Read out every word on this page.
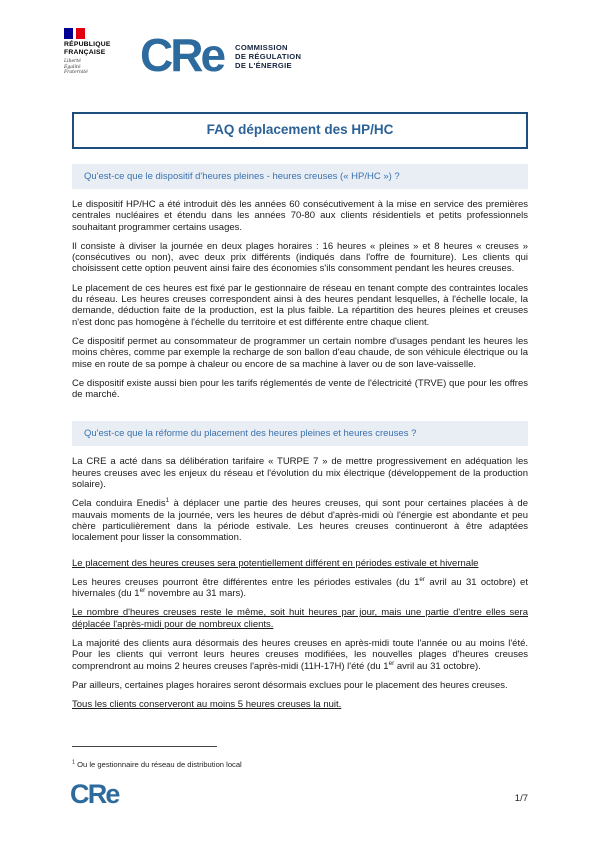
RÉPUBLIQUE
FRANÇAISE
Liberté
Égalité
Fraternité	CRe COMMISSION
DE RÉGULATION
DE L'ÉNERGIE
FAQ déplacement des HP/HC
Qu'est-ce que le dispositif d'heures pleines - heures creuses (« HP/HC ») ?

Le dispositif HP/HC a été introduit dès les années 60 consécutivement à la mise en service des premières centrales nucléaires et étendu dans les années 70-80 aux clients résidentiels et petits professionnels souhaitant programmer certains usages.

Il consiste à diviser la journée en deux plages horaires : 16 heures « pleines » et 8 heures « creuses » (consécutives ou non), avec deux prix différents (indiqués dans l'offre de fourniture). Les clients qui choisissent cette option peuvent ainsi faire des économies s'ils consomment pendant les heures creuses.

Le placement de ces heures est fixé par le gestionnaire de réseau en tenant compte des contraintes locales du réseau. Les heures creuses correspondent ainsi à des heures pendant lesquelles, à l'échelle locale, la demande, déduction faite de la production, est la plus faible. La répartition des heures pleines et creuses n'est donc pas homogène à l'échelle du territoire et est différente entre chaque client.

Ce dispositif permet au consommateur de programmer un certain nombre d'usages pendant les heures les moins chères, comme par exemple la recharge de son ballon d'eau chaude, de son véhicule électrique ou la mise en route de sa pompe à chaleur ou encore de sa machine à laver ou de son lave-vaisselle.

Ce dispositif existe aussi bien pour les tarifs réglementés de vente de l'électricité (TRVE) que pour les offres de marché.

Qu'est-ce que la réforme du placement des heures pleines et heures creuses ?

La CRE a acté dans sa délibération tarifaire « TURPE 7 » de mettre progressivement en adéquation les heures creuses avec les enjeux du réseau et l'évolution du mix électrique (développement de la production solaire).

Cela conduira Enedis$^1$ à déplacer une partie des heures creuses, qui sont pour certaines placées à de mauvais moments de la journée, vers les heures de début d'après-midi où l'énergie est abondante et peu chère particulièrement dans la période estivale. Les heures creuses continueront à être adaptées localement pour lisser la consommation.

Le placement des heures creuses sera potentiellement différent en périodes estivale et hivernale

Les heures creuses pourront être différentes entre les périodes estivales (du 1er avril au 31 octobre) et hivernales (du 1er novembre au 31 mars).

Le nombre d'heures creuses reste le même, soit huit heures par jour, mais une partie d'entre elles sera déplacée l'après-midi pour de nombreux clients.

La majorité des clients aura désormais des heures creuses en après-midi toute l'année ou au moins l'été. Pour les clients qui verront leurs heures creuses modifiées, les nouvelles plages d'heures creuses comprendront au moins 2 heures creuses l'après-midi (11H-17H) l'été (du 1er avril au 31 octobre).

Par ailleurs, certaines plages horaires seront désormais exclues pour le placement des heures creuses.

Tous les clients conserveront au moins 5 heures creuses la nuit.

$^1$ Ou le gestionnaire du réseau de distribution local
CRe	1/7
